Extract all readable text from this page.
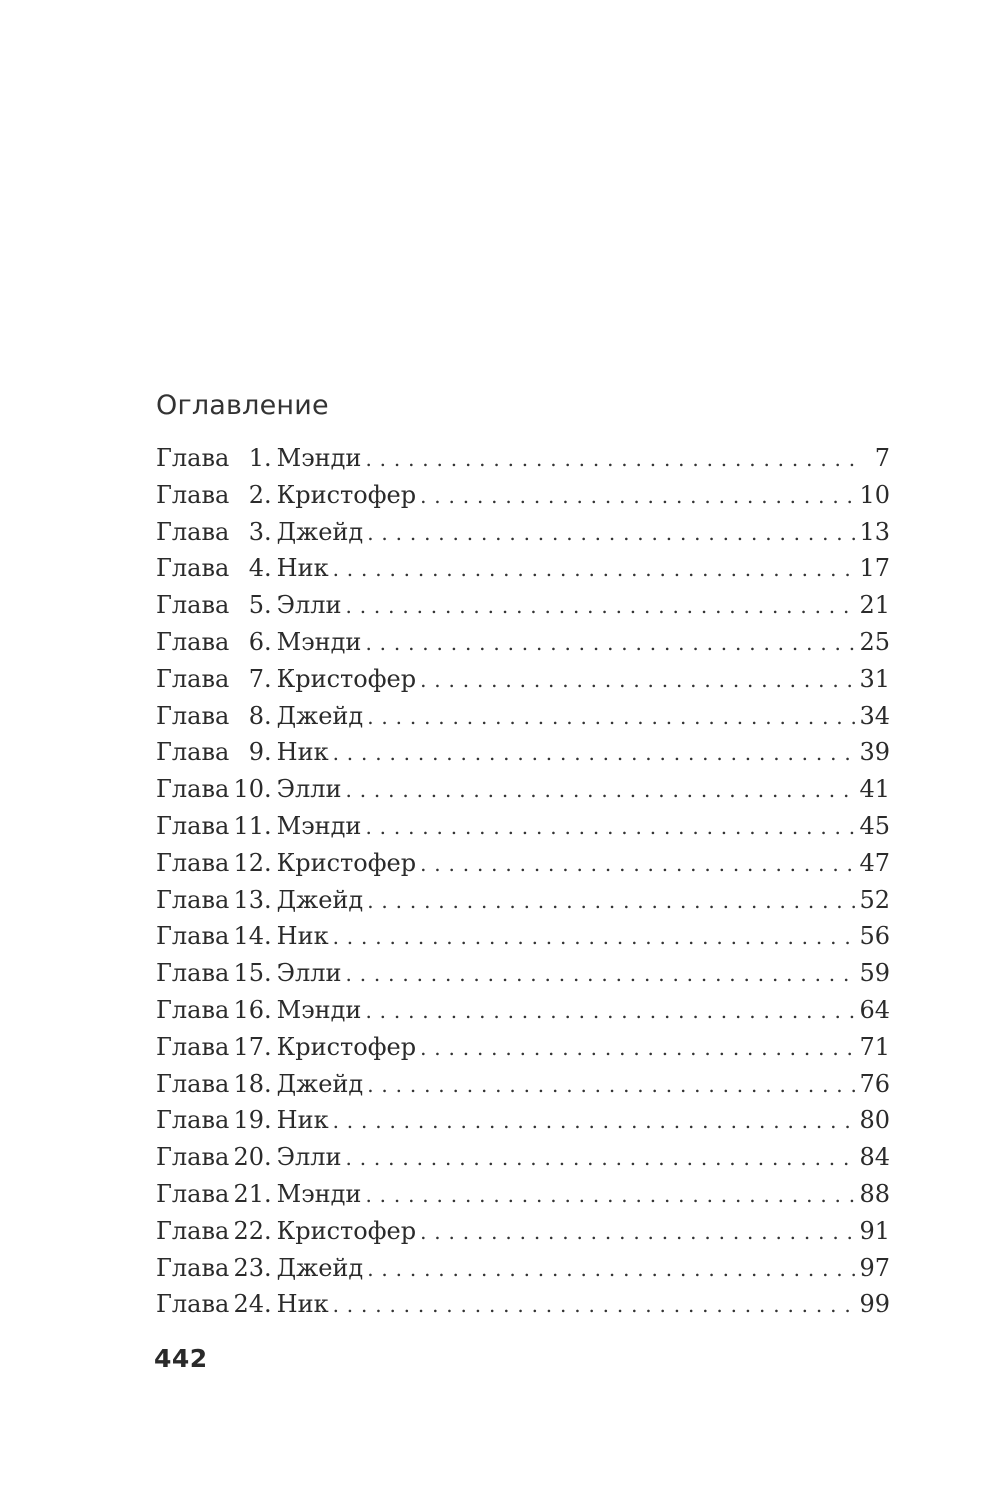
Оглавление
Глава 1 . Мэнди . . .	7
Глава 2 . Кристофер . . .	10
Глава 3 . Джейд . . .	13
Глава 4 . Ник . . .	17
Глава 5 . Элли . . .	21
Глава 6 . Мэнди . . .	25
Глава 7 . Кристофер . . .	31
Глава 8 . Джейд . . .	34
Глава 9 . Ник . . .	39
Глава 10 . Элли . . .	41
Глава 11 . Мэнди . . .	45
Глава 12 . Кристофер . . .	47
Глава 13 . Джейд . . .	52
Глава 14 . Ник . . .	56
Глава 15 . Элли . . .	59
Глава 16 . Мэнди . . .	64
Глава 17 . Кристофер . . .	71
Глава 18 . Джейд . . .	76
Глава 19 . Ник . . .	80
Глава 20 . Элли . . .	84
Глава 21 . Мэнди . . .	88
Глава 22 . Кристофер . . .	91
Глава 23 . Джейд . . .	97
Глава 24 . Ник . . .	99
442
